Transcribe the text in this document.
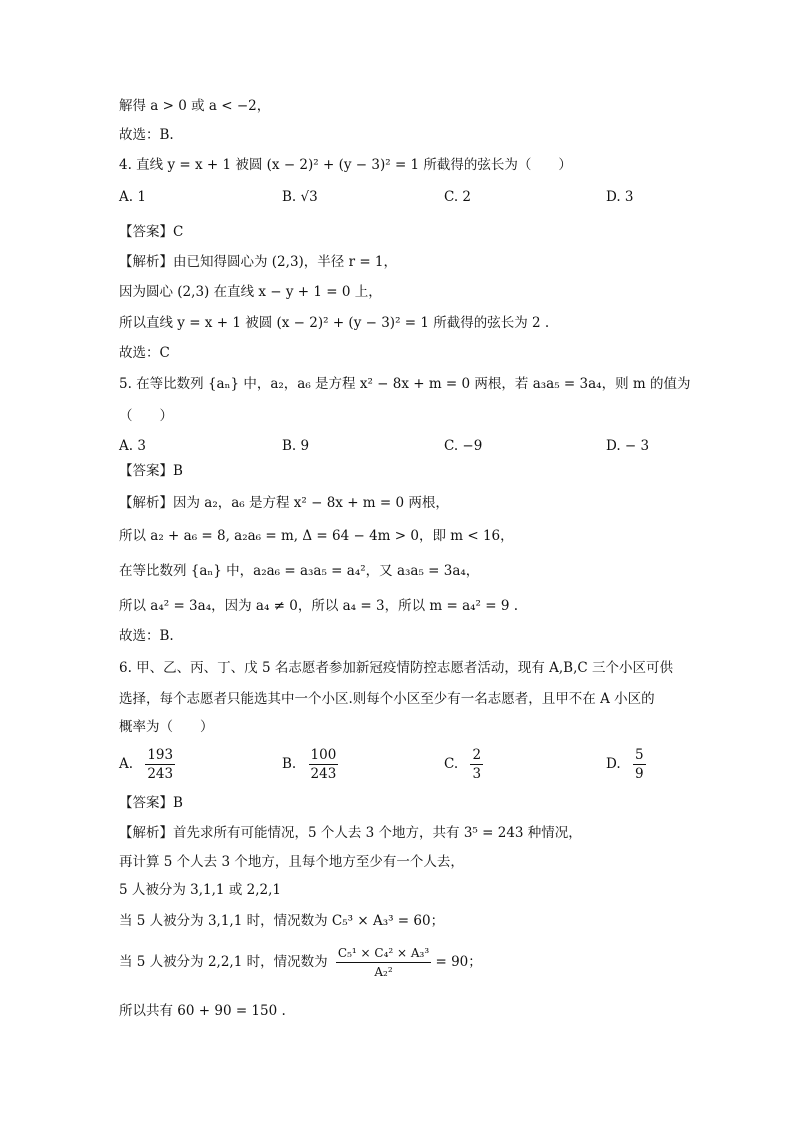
解得 a > 0 或 a < −2，
故选：B.
4. 直线 y = x + 1 被圆 (x − 2)² + (y − 3)² = 1 所截得的弦长为（　　）
A. 1	B. √3	C. 2	D. 3
【答案】C
【解析】由已知得圆心为 (2,3)，半径 r = 1，
因为圆心 (2,3) 在直线 x − y + 1 = 0 上，
所以直线 y = x + 1 被圆 (x − 2)² + (y − 3)² = 1 所截得的弦长为 2 .
故选：C
5. 在等比数列 {aₙ} 中，a₂，a₆ 是方程 x² − 8x + m = 0 两根，若 a₃a₅ = 3a₄，则 m 的值为
（　　）
A. 3	B. 9	C. −9	D. − 3
【答案】B
【解析】因为 a₂，a₆ 是方程 x² − 8x + m = 0 两根，
所以 a₂ + a₆ = 8, a₂a₆ = m, Δ = 64 − 4m > 0，即 m < 16，
在等比数列 {aₙ} 中，a₂a₆ = a₃a₅ = a₄²，又 a₃a₅ = 3a₄，
所以 a₄² = 3a₄，因为 a₄ ≠ 0，所以 a₄ = 3，所以 m = a₄² = 9 .
故选：B.
6. 甲、乙、丙、丁、戊 5 名志愿者参加新冠疫情防控志愿者活动，现有 A,B,C 三个小区可供
选择，每个志愿者只能选其中一个小区.则每个小区至少有一名志愿者，且甲不在 A 小区的
概率为（　　）
A. $\frac{193}{243}$	B. $\frac{100}{243}$	C. $\frac{2}{3}$	D. $\frac{5}{9}$
【答案】B
【解析】首先求所有可能情况，5 个人去 3 个地方，共有 3⁵ = 243 种情况，
再计算 5 个人去 3 个地方，且每个地方至少有一个人去，
5 人被分为 3,1,1 或 2,2,1
当 5 人被分为 3,1,1 时，情况数为 C₅³ × A₃³ = 60；
当 5 人被分为 2,2,1 时，情况数为 $\frac{\text{C₅¹ × C₄² × A₃³}}{\text{A₂²}} = 90$；
所以共有 60 + 90 = 150 .
